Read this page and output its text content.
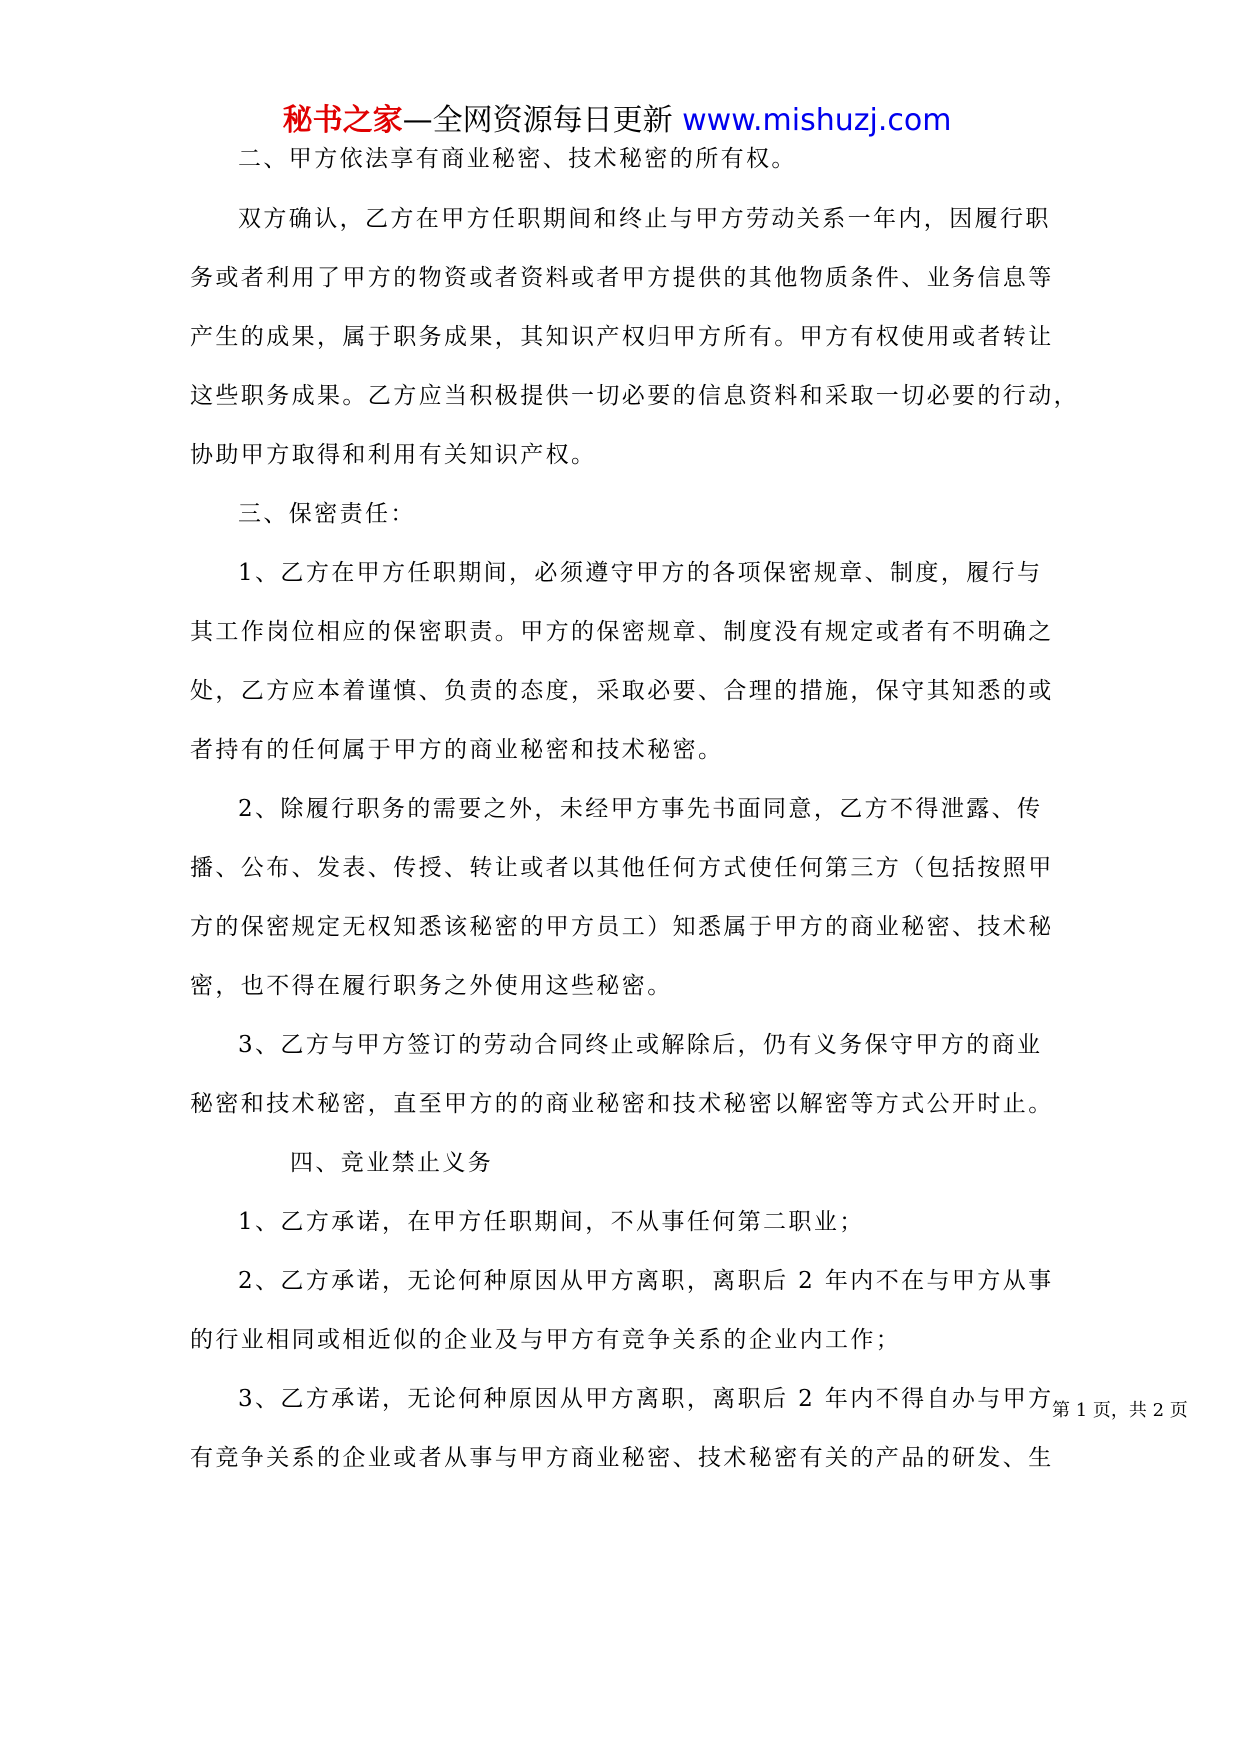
秘书之家—全网资源每日更新 www.mishuzj.com
二、甲方依法享有商业秘密、技术秘密的所有权。
双方确认，乙方在甲方任职期间和终止与甲方劳动关系一年内，因履行职
务或者利用了甲方的物资或者资料或者甲方提供的其他物质条件、业务信息等
产生的成果，属于职务成果，其知识产权归甲方所有。甲方有权使用或者转让
这些职务成果。乙方应当积极提供一切必要的信息资料和采取一切必要的行动，
协助甲方取得和利用有关知识产权。
三、保密责任：
1、乙方在甲方任职期间，必须遵守甲方的各项保密规章、制度，履行与
其工作岗位相应的保密职责。甲方的保密规章、制度没有规定或者有不明确之
处，乙方应本着谨慎、负责的态度，采取必要、合理的措施，保守其知悉的或
者持有的任何属于甲方的商业秘密和技术秘密。
2、除履行职务的需要之外，未经甲方事先书面同意，乙方不得泄露、传
播、公布、发表、传授、转让或者以其他任何方式使任何第三方（包括按照甲
方的保密规定无权知悉该秘密的甲方员工）知悉属于甲方的商业秘密、技术秘
密，也不得在履行职务之外使用这些秘密。
3、乙方与甲方签订的劳动合同终止或解除后，仍有义务保守甲方的商业
秘密和技术秘密，直至甲方的的商业秘密和技术秘密以解密等方式公开时止。
四、竞业禁止义务
1、乙方承诺，在甲方任职期间，不从事任何第二职业；
2、乙方承诺，无论何种原因从甲方离职，离职后 2 年内不在与甲方从事
的行业相同或相近似的企业及与甲方有竞争关系的企业内工作；
3、乙方承诺，无论何种原因从甲方离职，离职后 2 年内不得自办与甲方
有竞争关系的企业或者从事与甲方商业秘密、技术秘密有关的产品的研发、生
第 1 页，共 2 页
